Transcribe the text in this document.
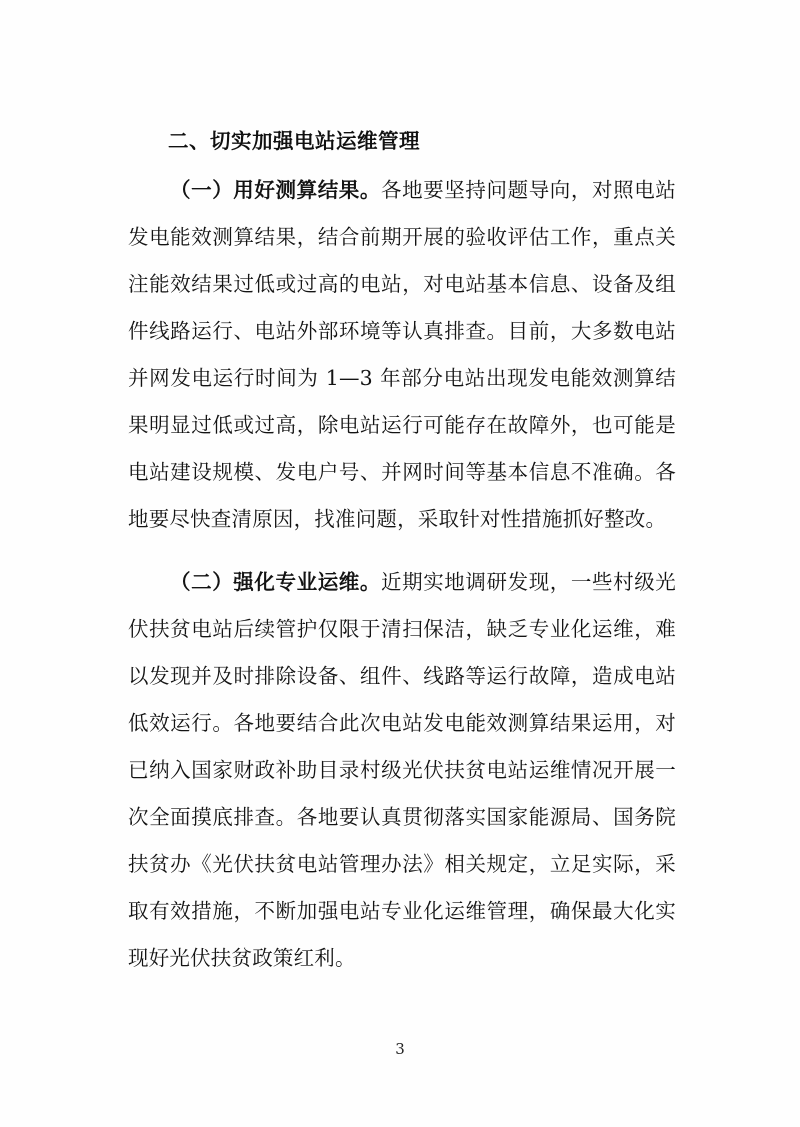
二、切实加强电站运维管理

（一）用好测算结果。各地要坚持问题导向，对照电站发电能效测算结果，结合前期开展的验收评估工作，重点关注能效结果过低或过高的电站，对电站基本信息、设备及组件线路运行、电站外部环境等认真排查。目前，大多数电站并网发电运行时间为 1—3 年部分电站出现发电能效测算结果明显过低或过高，除电站运行可能存在故障外，也可能是电站建设规模、发电户号、并网时间等基本信息不准确。各地要尽快查清原因，找准问题，采取针对性措施抓好整改。

（二）强化专业运维。近期实地调研发现，一些村级光伏扶贫电站后续管护仅限于清扫保洁，缺乏专业化运维，难以发现并及时排除设备、组件、线路等运行故障，造成电站低效运行。各地要结合此次电站发电能效测算结果运用，对已纳入国家财政补助目录村级光伏扶贫电站运维情况开展一次全面摸底排查。各地要认真贯彻落实国家能源局、国务院扶贫办《光伏扶贫电站管理办法》相关规定，立足实际，采取有效措施，不断加强电站专业化运维管理，确保最大化实现好光伏扶贫政策红利。

3
